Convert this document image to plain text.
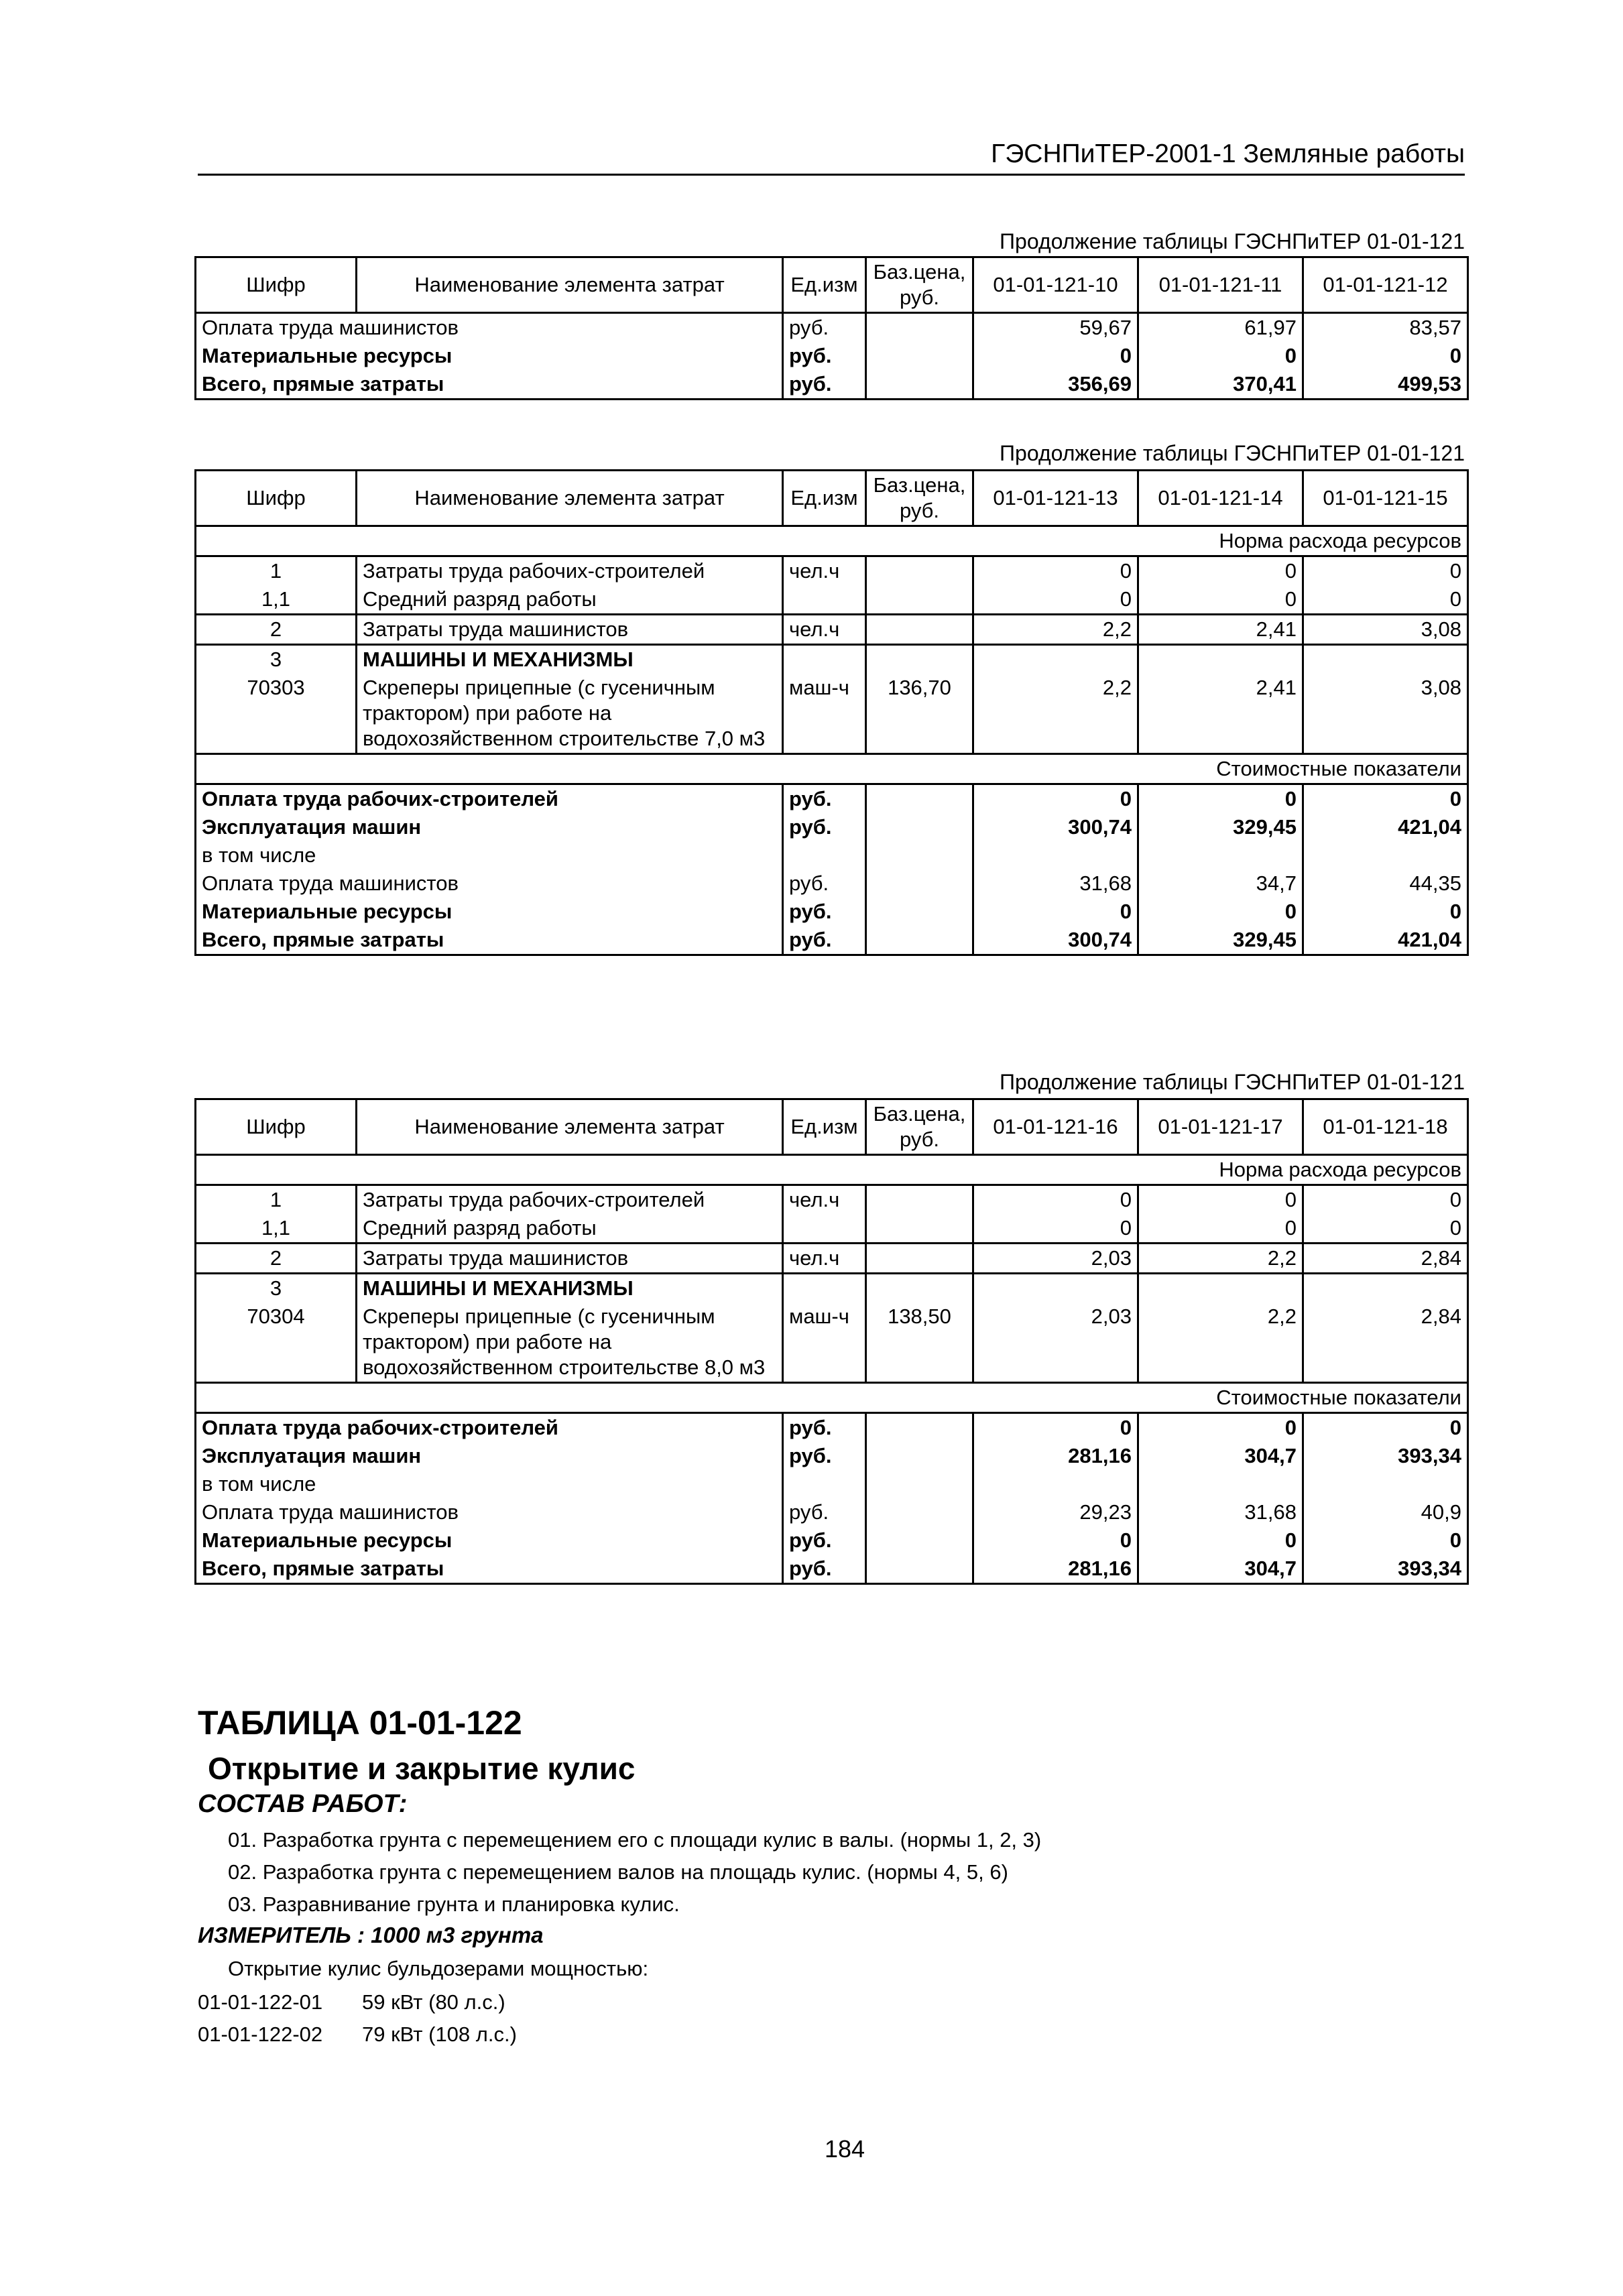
ГЭСНПиТЕР-2001-1 Земляные работы
Продолжение таблицы ГЭСНПиТЕР 01-01-121
Шифр	Наименование элемента затрат	Ед.изм	Баз.цена, руб.	01-01-121-10	01-01-121-11	01-01-121-12
Оплата труда машинистов		руб.		59,67	61,97	83,57
Материальные ресурсы		руб.		0	0	0
Всего, прямые затраты		руб.		356,69	370,41	499,53
Продолжение таблицы ГЭСНПиТЕР 01-01-121
Шифр	Наименование элемента затрат	Ед.изм	Баз.цена, руб.	01-01-121-13	01-01-121-14	01-01-121-15
Норма расхода ресурсов						
1	Затраты труда рабочих-строителей	чел.ч		0	0	0
1,1	Средний разряд работы			0	0	0
2	Затраты труда машинистов	чел.ч		2,2	2,41	3,08
3	МАШИНЫ И МЕХАНИЗМЫ					
70303	Скреперы прицепные (с гусеничным трактором) при работе на водохозяйственном строительстве 7,0 м3	маш-ч	136,70	2,2	2,41	3,08
Стоимостные показатели						
Оплата труда рабочих-строителей		руб.		0	0	0
Эксплуатация машин		руб.		300,74	329,45	421,04
в том числе						
Оплата труда машинистов		руб.		31,68	34,7	44,35
Материальные ресурсы		руб.		0	0	0
Всего, прямые затраты		руб.		300,74	329,45	421,04
Продолжение таблицы ГЭСНПиТЕР 01-01-121
Шифр	Наименование элемента затрат	Ед.изм	Баз.цена, руб.	01-01-121-16	01-01-121-17	01-01-121-18
Норма расхода ресурсов						
1	Затраты труда рабочих-строителей	чел.ч		0	0	0
1,1	Средний разряд работы			0	0	0
2	Затраты труда машинистов	чел.ч		2,03	2,2	2,84
3	МАШИНЫ И МЕХАНИЗМЫ					
70304	Скреперы прицепные (с гусеничным трактором) при работе на водохозяйственном строительстве 8,0 м3	маш-ч	138,50	2,03	2,2	2,84
Стоимостные показатели						
Оплата труда рабочих-строителей		руб.		0	0	0
Эксплуатация машин		руб.		281,16	304,7	393,34
в том числе						
Оплата труда машинистов		руб.		29,23	31,68	40,9
Материальные ресурсы		руб.		0	0	0
Всего, прямые затраты		руб.		281,16	304,7	393,34
ТАБЛИЦА 01-01-122
Открытие и закрытие кулис
СОСТАВ РАБОТ:
01. Разработка грунта с перемещением его с площади кулис в валы. (нормы 1, 2, 3)
02. Разработка грунта с перемещением валов на площадь кулис. (нормы 4, 5, 6)
03. Разравнивание грунта и планировка кулис.
ИЗМЕРИТЕЛЬ : 1000 м3 грунта
Открытие кулис бульдозерами мощностью:
01-01-122-01 59 кВт (80 л.с.)
01-01-122-02 79 кВт (108 л.с.)
184
